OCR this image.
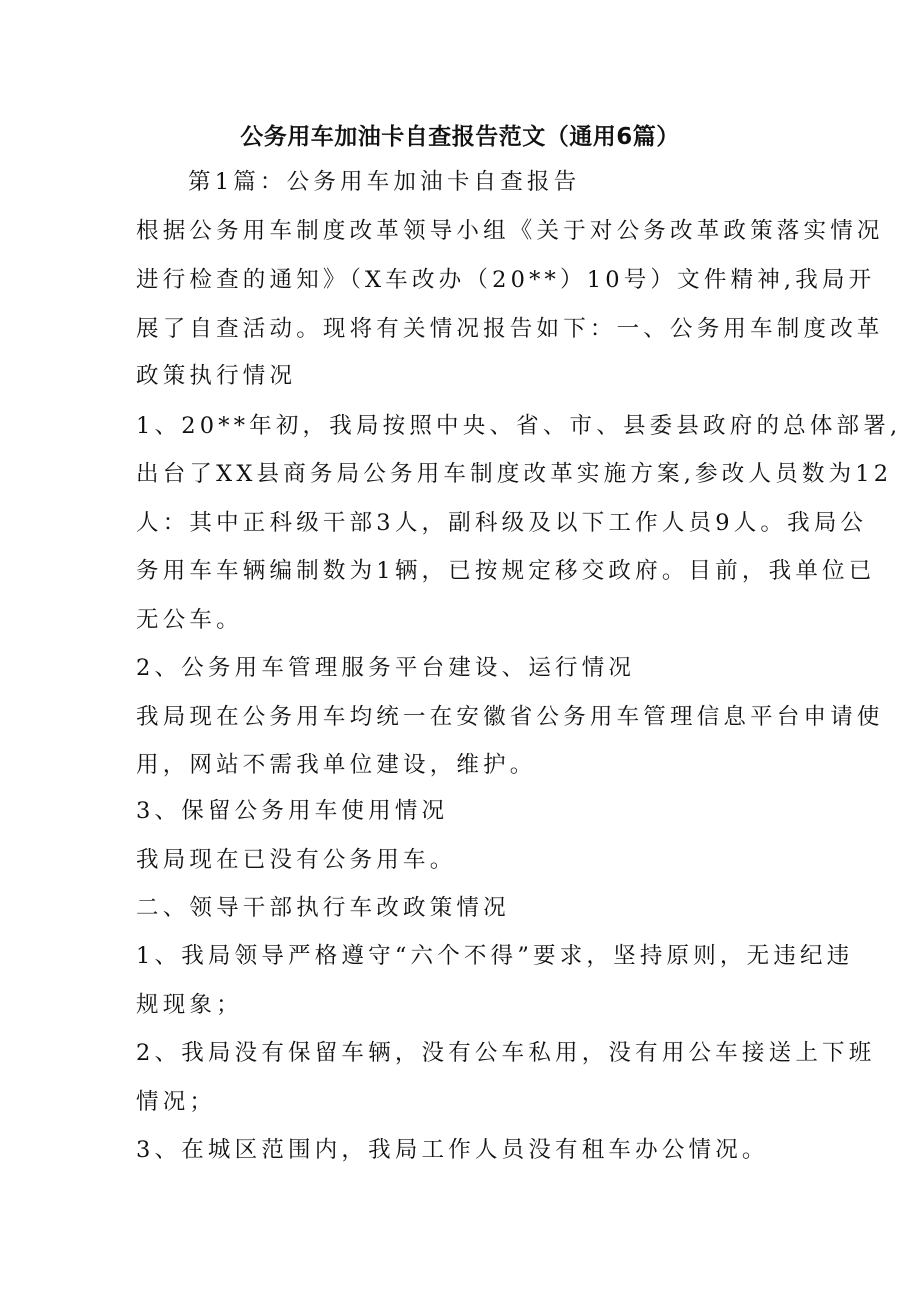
公务用车加油卡自查报告范文（通用6篇）
第1篇：公务用车加油卡自查报告
根据公务用车制度改革领导小组《关于对公务改革政策落实情况
进行检查的通知》（X车改办（20**）10号）文件精神,我局开
展了自查活动。现将有关情况报告如下：一、公务用车制度改革
政策执行情况
1、20**年初，我局按照中央、省、市、县委县政府的总体部署,
出台了XX县商务局公务用车制度改革实施方案,参改人员数为12
人：其中正科级干部3人，副科级及以下工作人员9人。我局公
务用车车辆编制数为1辆，已按规定移交政府。目前，我单位已
无公车。
2、公务用车管理服务平台建设、运行情况
我局现在公务用车均统一在安徽省公务用车管理信息平台申请使
用，网站不需我单位建设，维护。
3、保留公务用车使用情况
我局现在已没有公务用车。
二、领导干部执行车改政策情况
1、我局领导严格遵守“六个不得”要求，坚持原则，无违纪违
规现象；
2、我局没有保留车辆，没有公车私用，没有用公车接送上下班
情况；
3、在城区范围内，我局工作人员没有租车办公情况。
